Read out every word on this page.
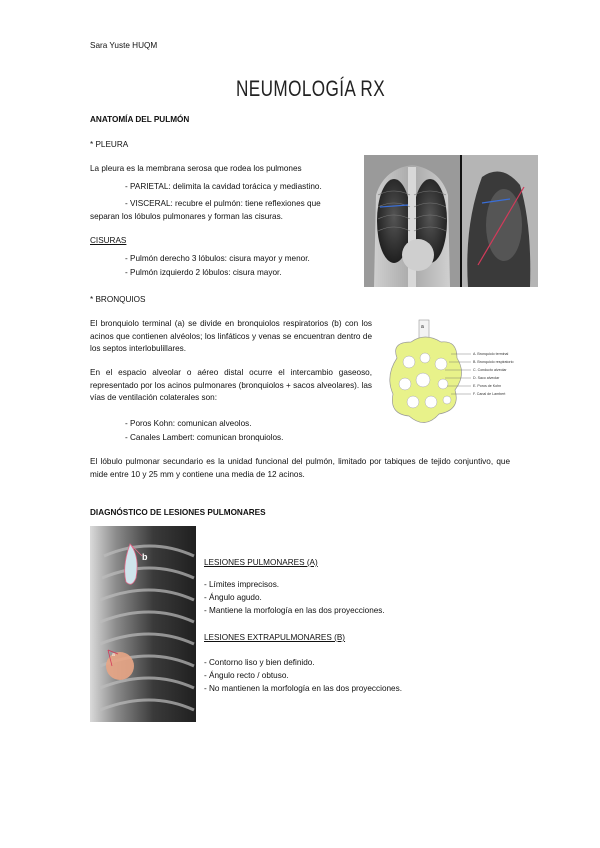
Sara Yuste HUQM
NEUMOLOGÍA RX
ANATOMÍA DEL PULMÓN
* PLEURA
La pleura es la membrana serosa que rodea los pulmones
- PARIETAL: delimita la cavidad torácica y mediastino.
- VISCERAL: recubre el pulmón: tiene reflexiones que separan los lóbulos pulmonares y forman las cisuras.
CISURAS
- Pulmón derecho 3 lóbulos: cisura mayor y menor.
- Pulmón izquierdo 2 lóbulos: cisura mayor.
* BRONQUIOS
El bronquiolo terminal (a) se divide en bronquiolos respiratorios (b) con los acinos que contienen alvéolos; los linfáticos y venas se encuentran dentro de los septos interlobulillares.
En el espacio alveolar o aéreo distal ocurre el intercambio gaseoso, representado por los acinos pulmonares (bronquiolos + sacos alveolares). las vías de ventilación colaterales son:
- Poros Kohn: comunican alveolos.
- Canales Lambert: comunican bronquiolos.
El lóbulo pulmonar secundario es la unidad funcional del pulmón, limitado por tabiques de tejido conjuntivo, que mide entre 10 y 25 mm y contiene una media de 12 acinos.
a
A. Bronquiolo terminal
B. Bronquiolo respiratorio
C. Conducto alveolar
D. Saco alveolar
E. Poros de Kohn
F. Canal de Lambert
DIAGNÓSTICO DE LESIONES PULMONARES
b
a
LESIONES PULMONARES (A)
- Límites imprecisos.
- Ángulo agudo.
- Mantiene la morfología en las dos proyecciones.
LESIONES EXTRAPULMONARES (B)
- Contorno liso y bien definido.
- Ángulo recto / obtuso.
- No mantienen la morfología en las dos proyecciones.
